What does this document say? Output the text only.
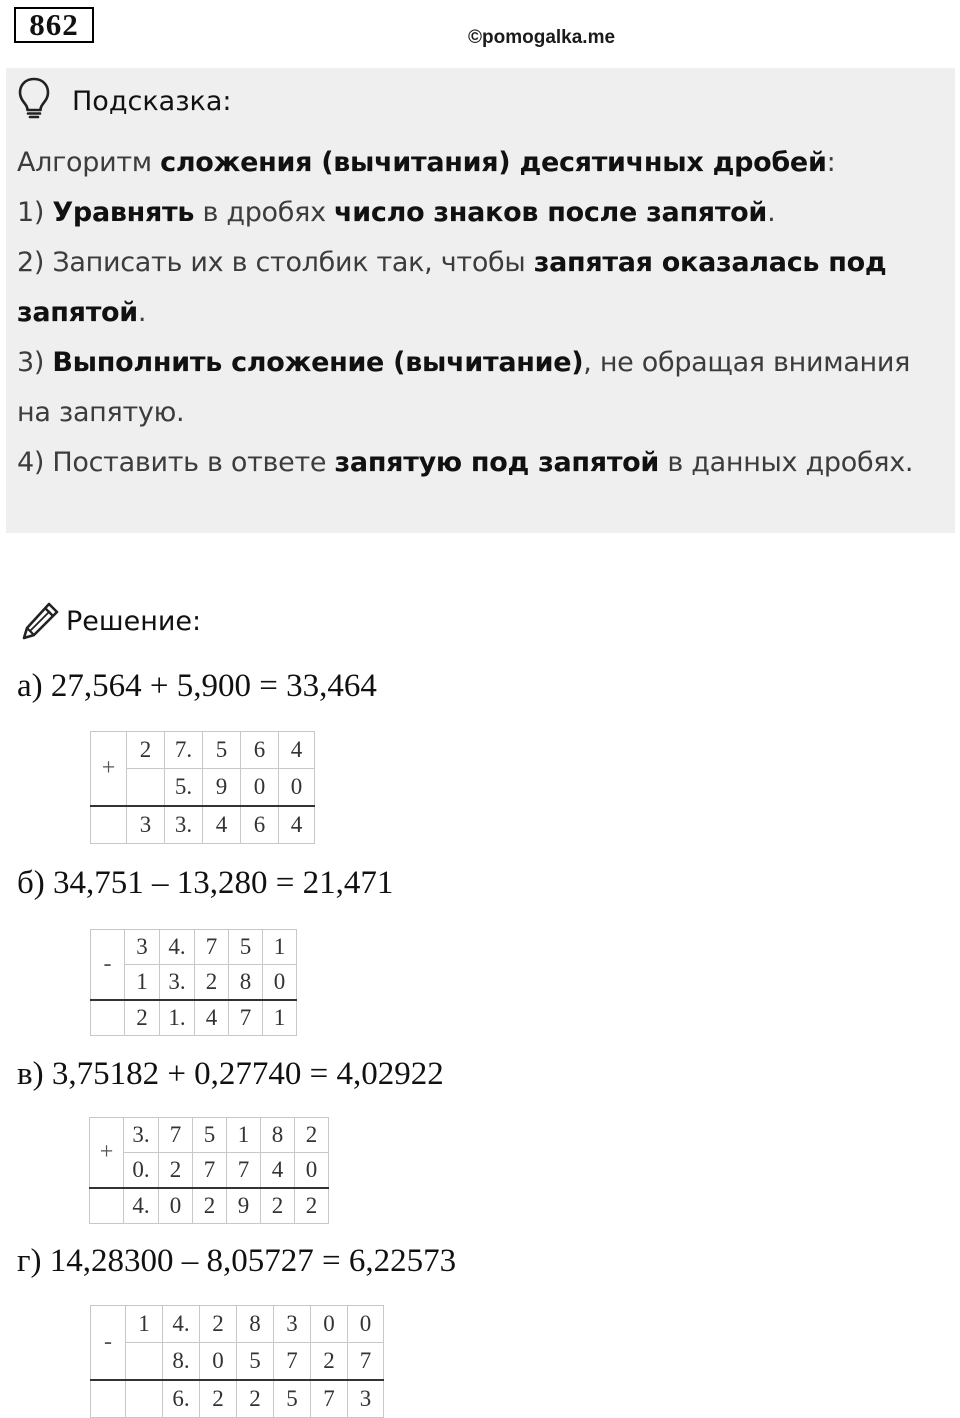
862	©pomogalka.me
Подсказка:

Алгоритм сложения (вычитания) десятичных дробей:

1) Уравнять в дробях число знаков после запятой.

2) Записать их в столбик так, чтобы запятая оказалась под

запятой.

3) Выполнить сложение (вычитание), не обращая внимания

на запятую.

4) Поставить в ответе запятую под запятой в данных дробях.

Решение:
а) 27,564 + 5,900 = 33,464
+	2	7.	5	6	4
		5.	9	0	0
	3	3.	4	6	4
б) 34,751 – 13,280 = 21,471
-	3	4.	7	5	1
	1	3.	2	8	0
	2	1.	4	7	1
в) 3,75182 + 0,27740 = 4,02922
+	3.	7	5	1	8	2
	0.	2	7	7	4	0
	4.	0	2	9	2	2
г) 14,28300 – 8,05727 = 6,22573
-	1	4.	2	8	3	0	0
		8.	0	5	7	2	7
		6.	2	2	5	7	3
